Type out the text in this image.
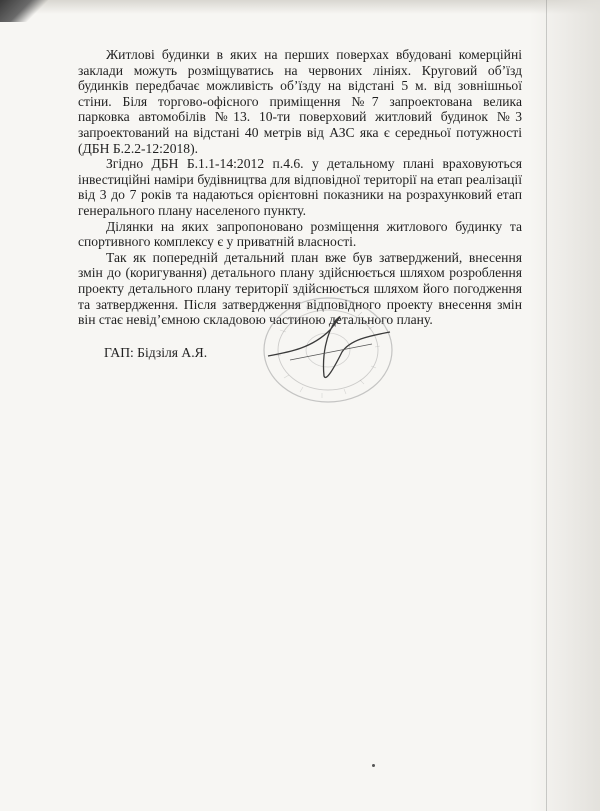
Житлові будинки в яких на перших поверхах вбудовані комерційні заклади можуть розміщуватись на червоних лініях. Круговий об’їзд будинків передбачає можливість об’їзду на відстані 5 м. від зовнішньої стіни. Біля торгово-офісного приміщення №7 запроектована велика парковка автомобілів №13. 10-ти поверховий житловий будинок №3 запроектований на відстані 40 метрів від АЗС яка є середньої потужності (ДБН Б.2.2-12:2018).

Згідно ДБН Б.1.1-14:2012 п.4.6. у детальному плані враховуються інвестиційні наміри будівництва для відповідної території на етап реалізації від 3 до 7 років та надаються орієнтовні показники на розрахунковий етап генерального плану населеного пункту.

Ділянки на яких запропоновано розміщення житлового будинку та спортивного комплексу є у приватній власності.

Так як попередній детальний план вже був затверджений, внесення змін до (коригування) детального плану здійснюється шляхом розроблення проекту детального плану території здійснюється шляхом його погодження та затвердження. Після затвердження відповідного проекту внесення змін він стає невід’ємною складовою частиною детального плану.

ГАП: Бідзіля А.Я.
